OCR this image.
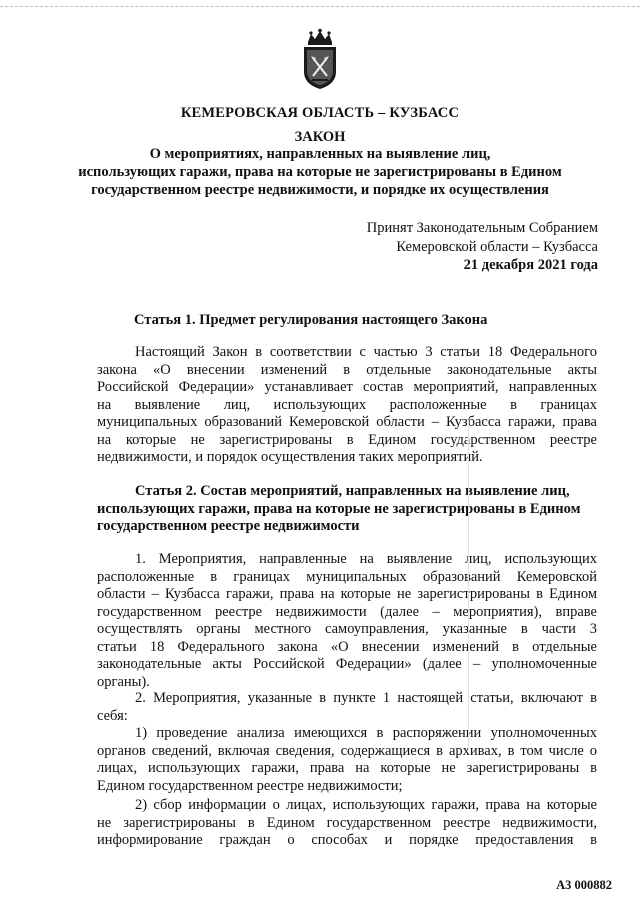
КЕМЕРОВСКАЯ ОБЛАСТЬ – КУЗБАСС
ЗАКОН
О мероприятиях, направленных на выявление лиц,
использующих гаражи, права на которые не зарегистрированы в Едином
государственном реестре недвижимости, и порядке их осуществления
Принят Законодательным Собранием
Кемеровской области – Кузбасса
21 декабря 2021 года
Статья 1. Предмет регулирования настоящего Закона
Настоящий Закон в соответствии с частью 3 статьи 18 Федерального
закона «О внесении изменений в отдельные законодательные акты
Российской Федерации» устанавливает состав мероприятий, направленных
на выявление лиц, использующих расположенные в границах
муниципальных образований Кемеровской области – Кузбасса гаражи, права
на которые не зарегистрированы в Едином государственном реестре
недвижимости, и порядок осуществления таких мероприятий.
Статья 2. Состав мероприятий, направленных на выявление лиц,
использующих гаражи, права на которые не зарегистрированы в Едином
государственном реестре недвижимости
1. Мероприятия, направленные на выявление лиц, использующих
расположенные в границах муниципальных образований Кемеровской
области – Кузбасса гаражи, права на которые не зарегистрированы в Едином
государственном реестре недвижимости (далее – мероприятия), вправе
осуществлять органы местного самоуправления, указанные в части 3
статьи 18 Федерального закона «О внесении изменений в отдельные
законодательные акты Российской Федерации» (далее – уполномоченные
органы).
2. Мероприятия, указанные в пункте 1 настоящей статьи, включают в
себя:
1) проведение анализа имеющихся в распоряжении уполномоченных
органов сведений, включая сведения, содержащиеся в архивах, в том числе о
лицах, использующих гаражи, права на которые не зарегистрированы в
Едином государственном реестре недвижимости;
2) сбор информации о лицах, использующих гаражи, права на которые
не зарегистрированы в Едином государственном реестре недвижимости,
информирование граждан о способах и порядке предоставления в
А3 000882
